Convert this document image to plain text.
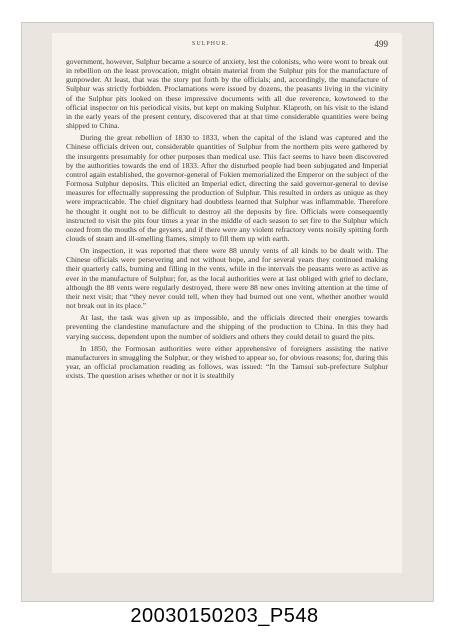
SULPHUR.	499

government, however, Sulphur became a source of anxiety, lest the colonists, who were wont to break out in rebellion on the least provocation, might obtain material from the Sulphur pits for the manufacture of gunpowder. At least, that was the story put forth by the officials; and, accordingly, the manufacture of Sulphur was strictly forbidden. Proclamations were issued by dozens, the peasants living in the vicinity of the Sulphur pits looked on these impressive documents with all due reverence, kowtowed to the official inspector on his periodical visits, but kept on making Sulphur. Klaproth, on his visit to the island in the early years of the present century, discovered that at that time considerable quantities were being shipped to China.

During the great rebellion of 1830 to 1833, when the capital of the island was captured and the Chinese officials driven out, considerable quantities of Sulphur from the northern pits were gathered by the insurgents presumably for other purposes than medical use. This fact seems to have been discovered by the authorities towards the end of 1833. After the disturbed people had been subjugated and Imperial control again established, the governor-general of Fokien memorialized the Emperor on the subject of the Formosa Sulphur deposits. This elicited an Imperial edict, directing the said governor-general to devise measures for effectually suppressing the production of Sulphur. This resulted in orders as unique as they were impracticable. The chief dignitary had doubtless learned that Sulphur was inflammable. Therefore he thought it ought not to be difficult to destroy all the deposits by fire. Officials were consequently instructed to visit the pits four times a year in the middle of each season to set fire to the Sulphur which oozed from the mouths of the geysers, and if there were any violent refractory vents noisily spitting forth clouds of steam and ill-smelling flames, simply to fill them up with earth.

On inspection, it was reported that there were 88 unruly vents of all kinds to be dealt with. The Chinese officials were persevering and not without hope, and for several years they continued making their quarterly calls, burning and filling in the vents, while in the intervals the peasants were as active as ever in the manufacture of Sulphur; for, as the local authorities were at last obliged with grief to declare, although the 88 vents were regularly destroyed, there were 88 new ones inviting attention at the time of their next visit; that “they never could tell, when they had burned out one vent, whether another would not break out in its place.”

At last, the task was given up as impossible, and the officials directed their energies towards preventing the clandestine manufacture and the shipping of the production to China. In this they had varying success, dependent upon the number of soldiers and others they could detail to guard the pits.

In 1850, the Formosan authorities were either apprehensive of foreigners assisting the native manufacturers in smuggling the Sulphur, or they wished to appear so, for obvious reasons; for, during this year, an official proclamation reading as follows, was issued: “In the Tamsui sub-prefecture Sulphur exists. The question arises whether or not it is stealthily

20030150203_P548
